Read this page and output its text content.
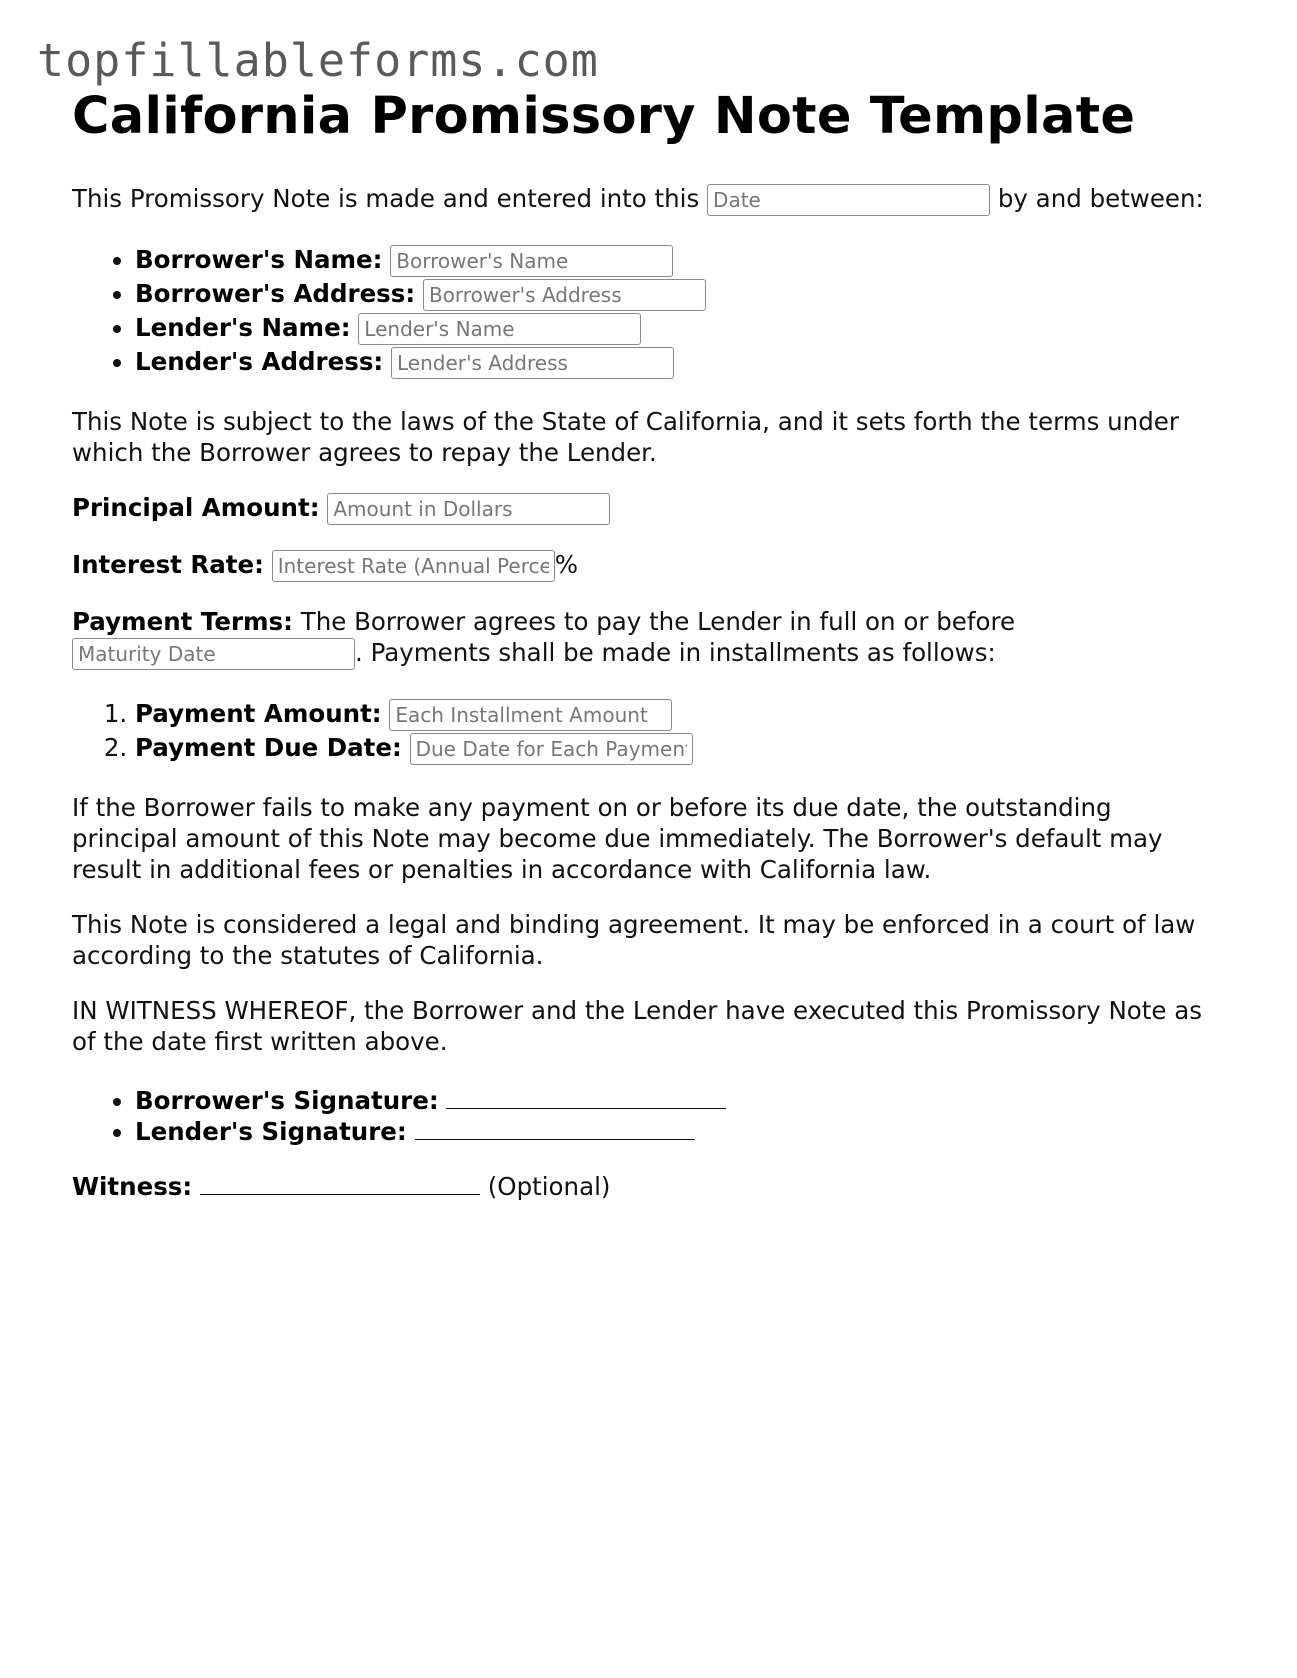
topfillableforms.com
California Promissory Note Template

This Promissory Note is made and entered into this Date	by and between:

• Borrower's Name: Borrower's Name
• Borrower's Address: Borrower's Address
• Lender's Name: Lender's Name
• Lender's Address: Lender's Address

This Note is subject to the laws of the State of California, and it sets forth the terms under which the Borrower agrees to repay the Lender.

Principal Amount: Amount in Dollars

Interest Rate: Interest Rate (Annual Percentage)	%

Payment Terms: The Borrower agrees to pay the Lender in full on or before
Maturity Date. Payments shall be made in installments as follows:

1. Payment Amount: Each Installment Amount
2. Payment Due Date: Due Date for Each Payment

If the Borrower fails to make any payment on or before its due date, the outstanding principal amount of this Note may become due immediately. The Borrower's default may result in additional fees or penalties in accordance with California law.

This Note is considered a legal and binding agreement. It may be enforced in a court of law according to the statutes of California.

IN WITNESS WHEREOF, the Borrower and the Lender have executed this Promissory Note as of the date first written above.

• Borrower's Signature:
• Lender's Signature:

Witness:	(Optional)
